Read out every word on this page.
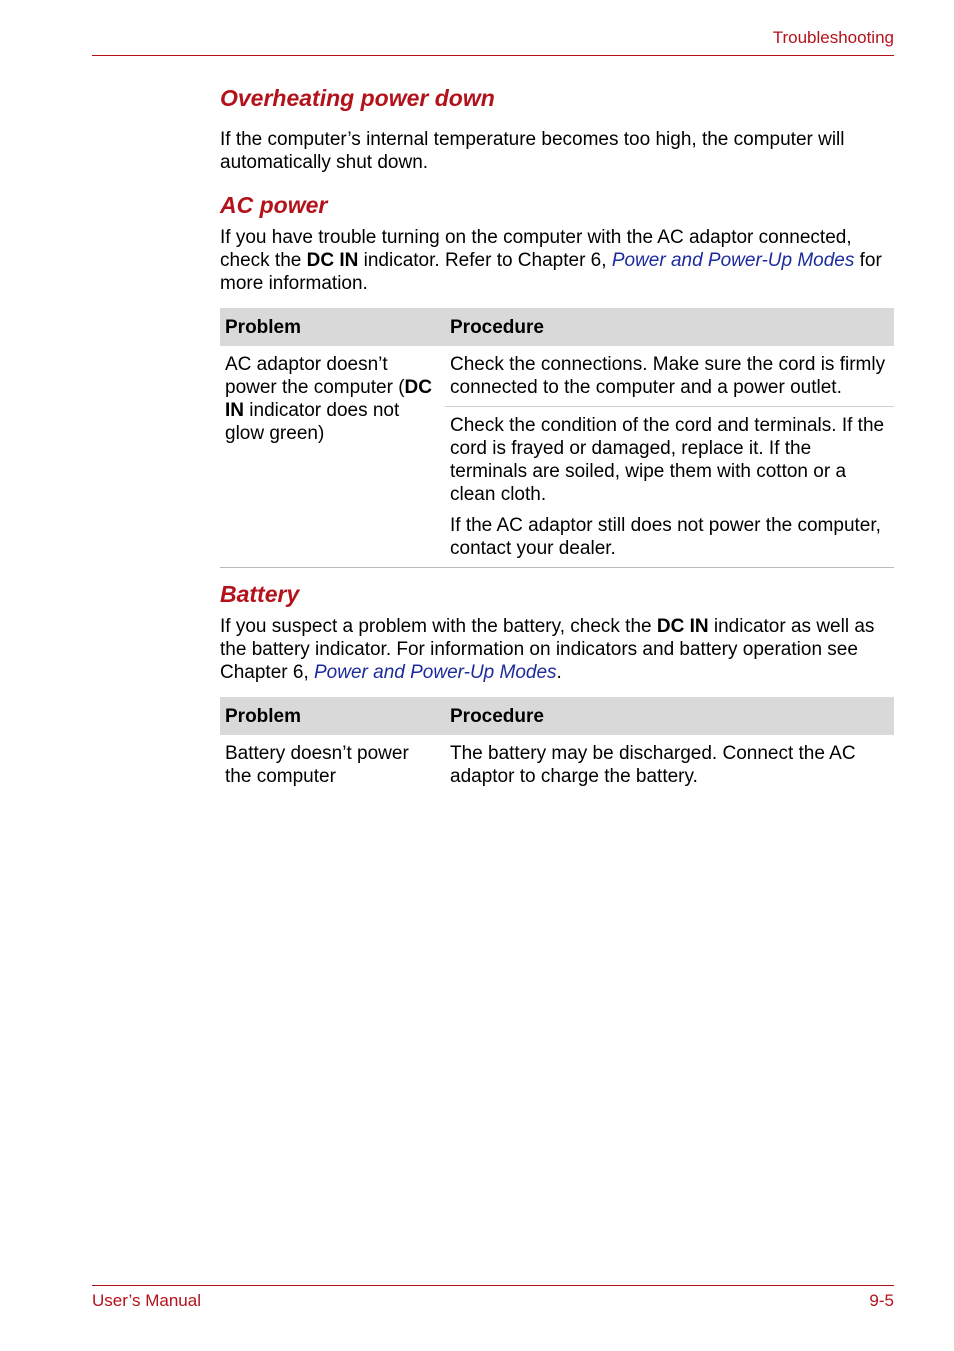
Troubleshooting
Overheating power down

If the computer’s internal temperature becomes too high, the computer will automatically shut down.

AC power

If you have trouble turning on the computer with the AC adaptor connected, check the DC IN indicator. Refer to Chapter 6, Power and Power-Up Modes for more information.

Problem	Procedure
AC adaptor doesn’t power the computer (DC IN indicator does not glow green)	Check the connections. Make sure the cord is firmly connected to the computer and a power outlet.
	Check the condition of the cord and terminals. If the cord is frayed or damaged, replace it. If the terminals are soiled, wipe them with cotton or a clean cloth.
	If the AC adaptor still does not power the computer, contact your dealer.
Battery

If you suspect a problem with the battery, check the DC IN indicator as well as the battery indicator. For information on indicators and battery operation see Chapter 6, Power and Power-Up Modes.

Problem	Procedure
Battery doesn’t power the computer	The battery may be discharged. Connect the AC adaptor to charge the battery.
User’s Manual	9-5
